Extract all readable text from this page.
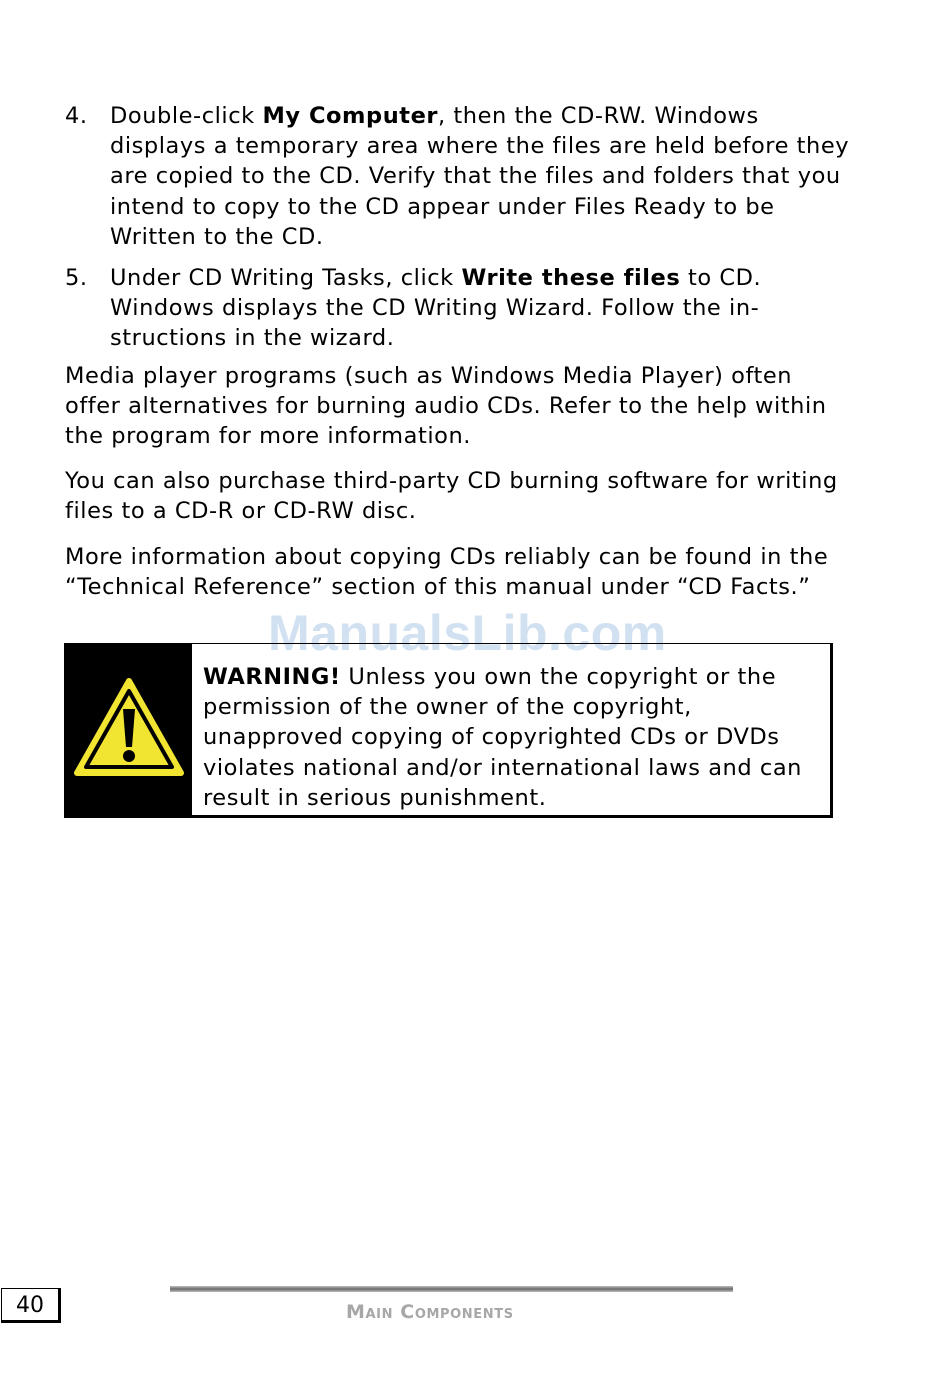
4. Double-click My Computer, then the CD-RW. Windows displays a temporary area where the files are held before they are copied to the CD. Verify that the files and folders that you intend to copy to the CD appear under Files Ready to be Written to the CD.
5. Under CD Writing Tasks, click Write these files to CD. Windows displays the CD Writing Wizard. Follow the in-structions in the wizard.

Media player programs (such as Windows Media Player) often offer alternatives for burning audio CDs. Refer to the help within the program for more information.

You can also purchase third-party CD burning software for writing files to a CD-R or CD-RW disc.

More information about copying CDs reliably can be found in the “Technical Reference” section of this manual under “CD Facts.”

ManualsLib.com
WARNING! Unless you own the copyright or the permission of the owner of the copyright, unapproved copying of copyrighted CDs or DVDs violates national and/or international laws and can result in serious punishment.
40	Main Components
